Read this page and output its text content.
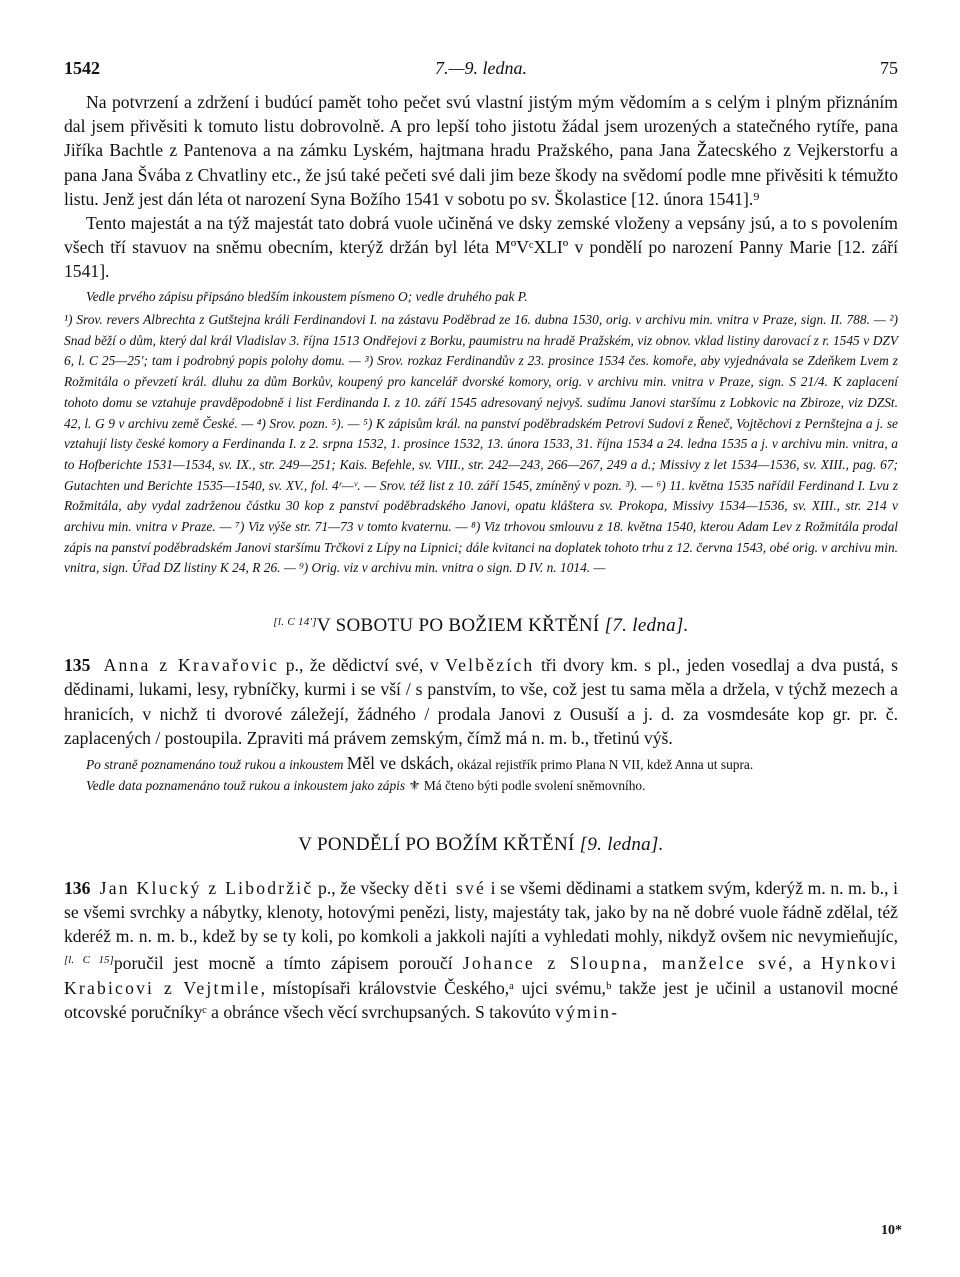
1542	7.—9. ledna.	75

Na potvrzení a zdržení i budúcí pamět toho pečet svú vlastní jistým mým vědomím a s celým i plným přiznáním dal jsem přivěsiti k tomuto listu dobrovolně. A pro lepší toho jistotu žádal jsem urozených a statečného rytíře, pana Jiříka Bachtle z Pantenova a na zámku Lyském, hajtmana hradu Pražského, pana Jana Žatecského z Vejkerstorfu a pana Jana Švába z Chvatliny etc., že jsú také pečeti své dali jim beze škody na svědomí podle mne přivěsiti k témužto listu. Jenž jest dán léta ot narození Syna Božího 1541 v sobotu po sv. Školastice [12. února 1541].⁹

Tento majestát a na týž majestát tato dobrá vuole učiněná ve dsky zemské vloženy a vepsány jsú, a to s povolením všech tří stavuov na sněmu obecním, kterýž držán byl léta MºVᶜXLIº v pondělí po narození Panny Marie [12. září 1541].

Vedle prvého zápisu připsáno bledším inkoustem písmeno O; vedle druhého pak P.

¹) Srov. revers Albrechta z Gutštejna králi Ferdinandovi I. na zástavu Poděbrad ze 16. dubna 1530, orig. v archivu min. vnitra v Praze, sign. II. 788. — ²) Snad běží o dům, který dal král Vladislav 3. října 1513 Ondřejovi z Borku, paumistru na hradě Pražském, viz obnov. vklad listiny darovací z r. 1545 v DZV 6, l. C 25—25′; tam i podrobný popis polohy domu. — ³) Srov. rozkaz Ferdinandův z 23. prosince 1534 čes. komoře, aby vyjednávala se Zdeňkem Lvem z Rožmitála o převzetí král. dluhu za dům Borkův, koupený pro kancelář dvorské komory, orig. v archivu min. vnitra v Praze, sign. S 21/4. K zaplacení tohoto domu se vztahuje pravděpodobně i list Ferdinanda I. z 10. září 1545 adresovaný nejvyš. sudímu Janovi staršímu z Lobkovic na Zbiroze, viz DZSt. 42, l. G 9 v archivu země České. — ⁴) Srov. pozn. ⁵). — ⁵) K zápisům král. na panství poděbradském Petrovi Sudovi z Řeneč, Vojtěchovi z Pernštejna a j. se vztahují listy české komory a Ferdinanda I. z 2. srpna 1532, 1. prosince 1532, 13. února 1533, 31. října 1534 a 24. ledna 1535 a j. v archivu min. vnitra, a to Hofberichte 1531—1534, sv. IX., str. 249—251; Kais. Befehle, sv. VIII., str. 242—243, 266—267, 249 a d.; Missivy z let 1534—1536, sv. XIII., pag. 67; Gutachten und Berichte 1535—1540, sv. XV., fol. 4ʳ—ᵛ. — Srov. též list z 10. září 1545, zmíněný v pozn. ³). — ⁶) 11. května 1535 nařídil Ferdinand I. Lvu z Rožmitála, aby vydal zadrženou částku 30 kop z panství poděbradského Janovi, opatu kláštera sv. Prokopa, Missivy 1534—1536, sv. XIII., str. 214 v archivu min. vnitra v Praze. — ⁷) Viz výše str. 71—73 v tomto kvaternu. — ⁸) Viz trhovou smlouvu z 18. května 1540, kterou Adam Lev z Rožmitála prodal zápis na panství poděbradském Janovi staršímu Trčkovi z Lípy na Lipnici; dále kvitanci na doplatek tohoto trhu z 12. června 1543, obé orig. v archivu min. vnitra, sign. Úřad DZ listiny K 24, R 26. — ⁹) Orig. viz v archivu min. vnitra o sign. D IV. n. 1014. —

[l. C 14′]V SOBOTU PO BOŽIEM KŘTĚNÍ [7. ledna].

135 Anna z Kravařovic p., že dědictví své, v Velbězích tři dvory km. s pl., jeden vosedlaj a dva pustá, s dědinami, lukami, lesy, rybníčky, kurmi i se vší / s panstvím, to vše, což jest tu sama měla a držela, v týchž mezech a hranicích, v nichž ti dvorové záležejí, žádného / prodala Janovi z Ousuší a j. d. za vosmdesáte kop gr. pr. č. zaplacených / postoupila. Zpraviti má právem zemským, čímž má n. m. b., třetinú výš.

Po straně poznamenáno touž rukou a inkoustem Měl ve dskách, okázal rejistřík primo Plana N VII, kdež Anna ut supra.

Vedle data poznamenáno touž rukou a inkoustem jako zápis ⚜ Má čteno býti podle svolení sněmovního.

V PONDĚLÍ PO BOŽÍM KŘTĚNÍ [9. ledna].

136 Jan Klucký z Libodržič p., že všecky děti své i se všemi dědinami a statkem svým, kderýž m. n. m. b., i se všemi svrchky a nábytky, klenoty, hotovými penězi, listy, majestáty tak, jako by na ně dobré vuole řádně zdělal, též kderéž m. n. m. b., kdež by se ty koli, po komkoli a jakkoli najíti a vyhledati mohly, nikdyž ovšem nic nevymieňujíc, [l. C 15]poručil jest mocně a tímto zápisem poroučí Johance z Sloupna, manželce své, a Hynkovi Krabicovi z Vejtmile, místopísaři královstvie Českého,ᵃ ujci svému,ᵇ takže jest je učinil a ustanovil mocné otcovské poručníkyᶜ a obránce všech věcí svrchupsaných. S takovúto výmin-

10*
